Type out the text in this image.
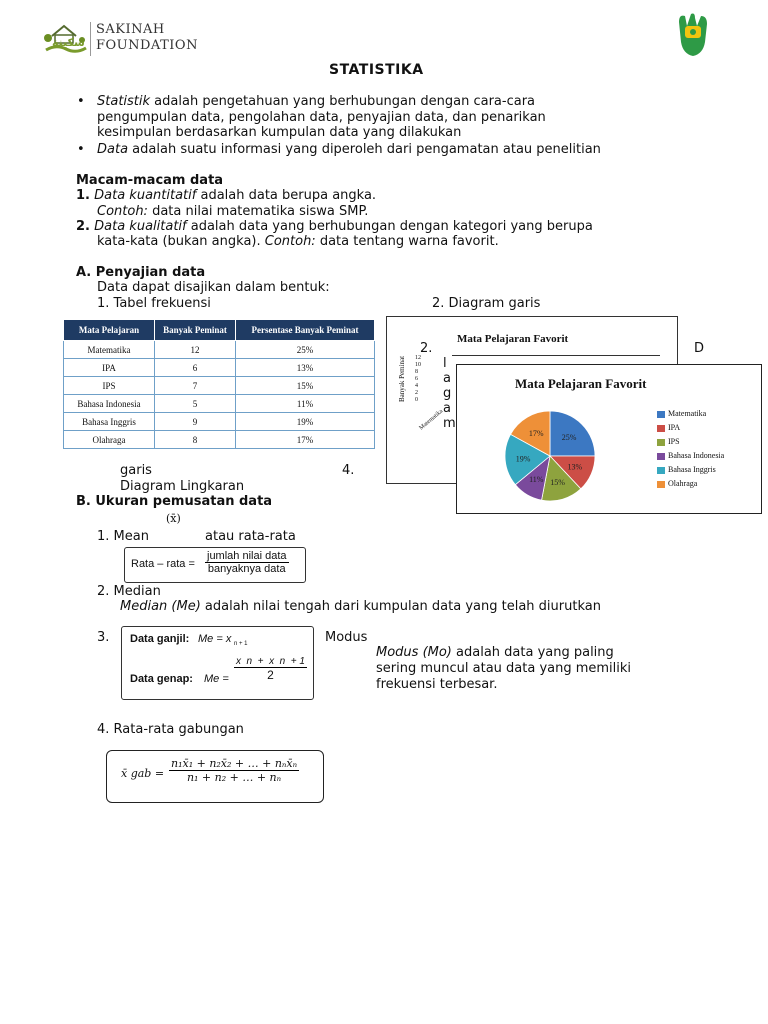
سكينة
SAKINAH
FOUNDATION
STATISTIKA
• Statistik adalah pengetahuan yang berhubungan dengan cara-cara
pengumpulan data, pengolahan data, penyajian data, dan penarikan
kesimpulan berdasarkan kumpulan data yang dilakukan
• Data adalah suatu informasi yang diperoleh dari pengamatan atau penelitian
Macam-macam data
1. Data kuantitatif adalah data berupa angka.
Contoh: data nilai matematika siswa SMP.
2. Data kualitatif adalah data yang berhubungan dengan kategori yang berupa
kata-kata (bukan angka). Contoh: data tentang warna favorit.
A. Penyajian data
Data dapat disajikan dalam bentuk:
1. Tabel frekuensi	2. Diagram garis
Mata Pelajaran	Banyak Peminat	Persentase Banyak Peminat
Matematika	12	25%
IPA	6	13%
IPS	7	15%
Bahasa Indonesia	5	11%
Bahasa Inggris	9	19%
Olahraga	8	17%
Mata Pelajaran Favorit
Banyak Peminat 12
10
8
6
4
2
0
Matematika
2.	D
l
a
g
a
m
Mata Pelajaran Favorit
25%
13%
15%
11%
19%
17%
Matematika
IPA
IPS
Bahasa Indonesia
Bahasa Inggris
Olahraga
garis	4.
Diagram Lingkaran
B. Ukuran pemusatan data
(x̄)
1. Mean	atau rata-rata
Rata – rata =
jumlah nilai data
banyaknya data
2. Median
Median (Me) adalah nilai tengah dari kumpulan data yang telah diurutkan
3. Data ganjil: Me = x n + 1
Data genap: Me =
x  n  +  x  n  + 1
2
Modus
Modus (Mo) adalah data yang paling
sering muncul atau data yang memiliki
frekuensi terbesar.
4. Rata-rata gabungan
x̄ gab =
n₁x̄₁ + n₂x̄₂ + … + nₙx̄ₙ
n₁ + n₂ + … + nₙ
